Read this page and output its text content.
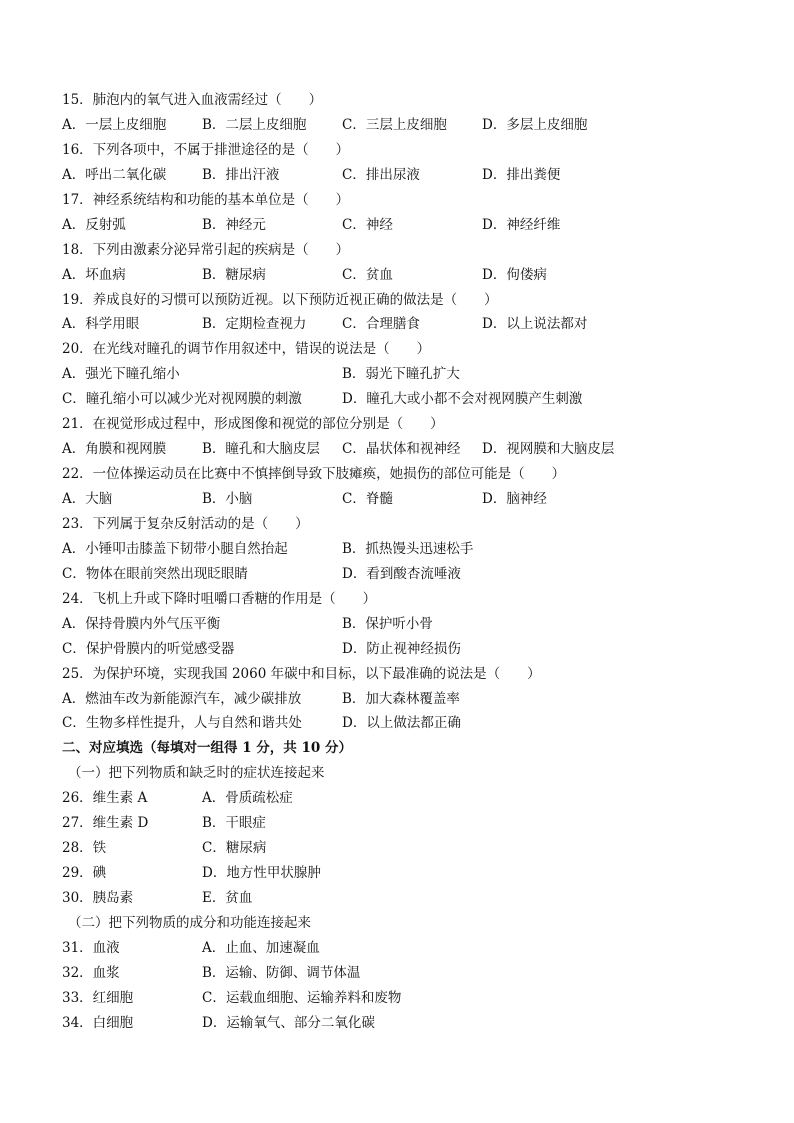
15．肺泡内的氧气进入血液需经过（　　）
A．一层上皮细胞	B．二层上皮细胞	C．三层上皮细胞	D．多层上皮细胞
16．下列各项中，不属于排泄途径的是（　　）
A．呼出二氧化碳	B．排出汗液	C．排出尿液	D．排出粪便
17．神经系统结构和功能的基本单位是（　　）
A．反射弧	B．神经元	C．神经	D．神经纤维
18．下列由激素分泌异常引起的疾病是（　　）
A．坏血病	B．糖尿病	C．贫血	D．佝偻病
19．养成良好的习惯可以预防近视。以下预防近视正确的做法是（　　）
A．科学用眼	B．定期检查视力	C．合理膳食	D．以上说法都对
20．在光线对瞳孔的调节作用叙述中，错误的说法是（　　）
A．强光下瞳孔缩小	B．弱光下瞳孔扩大
C．瞳孔缩小可以减少光对视网膜的刺激	D．瞳孔大或小都不会对视网膜产生刺激
21．在视觉形成过程中，形成图像和视觉的部位分别是（　　）
A．角膜和视网膜	B．瞳孔和大脑皮层 C．晶状体和视神经 D．视网膜和大脑皮层
22．一位体操运动员在比赛中不慎摔倒导致下肢瘫痪，她损伤的部位可能是（　　）
A．大脑	B．小脑	C．脊髓	D．脑神经
23．下列属于复杂反射活动的是（　　）
A．小锤叩击膝盖下韧带小腿自然抬起	B．抓热馒头迅速松手
C．物体在眼前突然出现眨眼睛	D．看到酸杏流唾液
24．飞机上升或下降时咀嚼口香糖的作用是（　　）
A．保持骨膜内外气压平衡	B．保护听小骨
C．保护骨膜内的听觉感受器	D．防止视神经损伤
25．为保护环境，实现我国 2060 年碳中和目标，以下最准确的说法是（　　）
A．燃油车改为新能源汽车，减少碳排放	B．加大森林覆盖率
C．生物多样性提升，人与自然和谐共处	D．以上做法都正确
二、对应填选（每填对一组得 1 分，共 10 分）
（一）把下列物质和缺乏时的症状连接起来
26．维生素 A	A．骨质疏松症
27．维生素 D	B．干眼症
28．铁	C．糖尿病
29．碘	D．地方性甲状腺肿
30．胰岛素	E．贫血
（二）把下列物质的成分和功能连接起来
31．血液	A．止血、加速凝血
32．血浆	B．运输、防御、调节体温
33．红细胞	C．运载血细胞、运输养料和废物
34．白细胞	D．运输氧气、部分二氧化碳
